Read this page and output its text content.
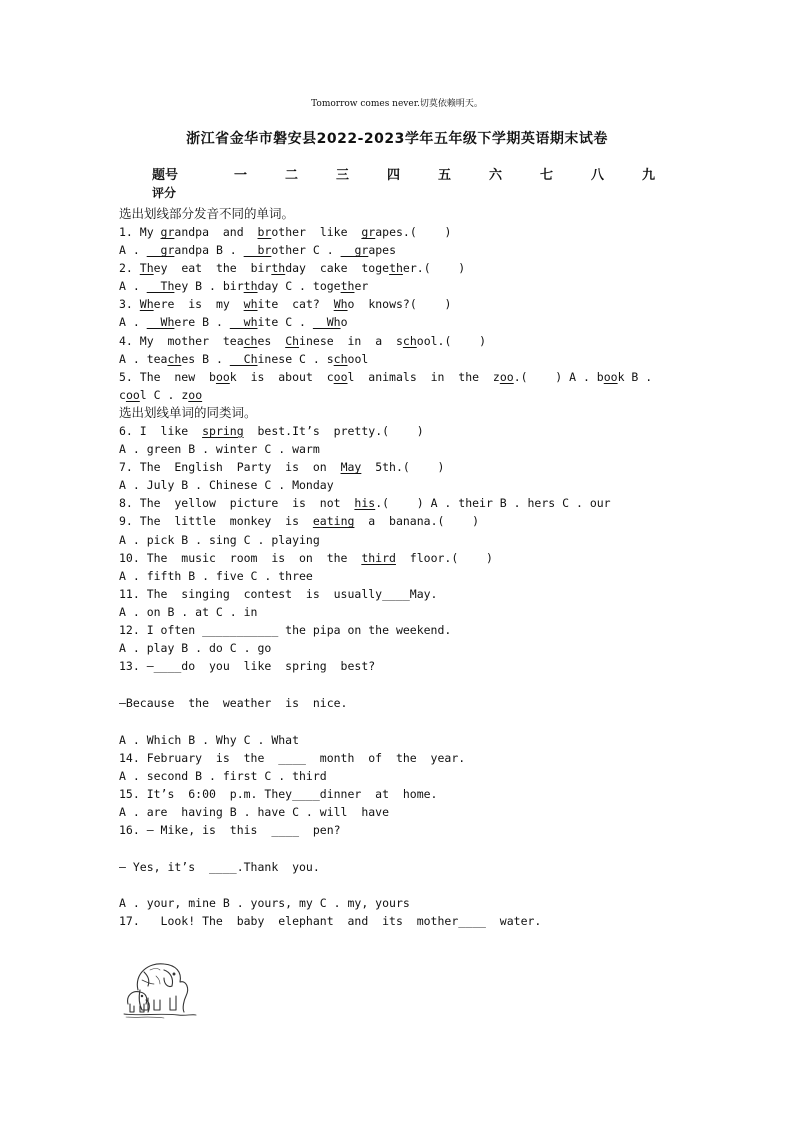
Tomorrow comes never.切莫依赖明天。
浙江省金华市磐安县2022-2023学年五年级下学期英语期末试卷
题号	一	二	三	四	五	六	七	八	九
评分
选出划线部分发音不同的单词。
1. My grandpa  and  brother  like  grapes.(    )
A .   grandpa B .   brother C .   grapes
2. They  eat  the  birthday  cake  together.(    )
A .   They B . birthday C . together
3. Where  is  my  white  cat?  Who  knows?(    )
A .   Where B .   white C .   Who
4. My  mother  teaches  Chinese  in  a  school.(    )
A . teaches B .   Chinese C . school
5. The  new  book  is  about  cool  animals  in  the  zoo.(    ) A . book B .
cool C . zoo
选出划线单词的同类词。
6. I  like  spring  best.It’s  pretty.(    )
A . green B . winter C . warm
7. The  English  Party  is  on  May  5th.(    )
A . July B . Chinese C . Monday
8. The  yellow  picture  is  not  his.(    ) A . their B . hers C . our
9. The  little  monkey  is  eating  a  banana.(    )
A . pick B . sing C . playing
10. The  music  room  is  on  the  third  floor.(    )
A . fifth B . five C . three
11. The  singing  contest  is  usually____May.
A . on B . at C . in
12. I often ___________ the pipa on the weekend.
A . play B . do C . go
13. —____do  you  like  spring  best?
—Because  the  weather  is  nice.
A . Which B . Why C . What
14. February  is  the  ____  month  of  the  year.
A . second B . first C . third
15. It’s  6:00  p.m. They____dinner  at  home.
A . are  having B . have C . will  have
16. — Mike, is  this  ____  pen?
— Yes, it’s  ____.Thank  you.
A . your, mine B . yours, my C . my, yours
17.   Look! The  baby  elephant  and  its  mother____  water.
